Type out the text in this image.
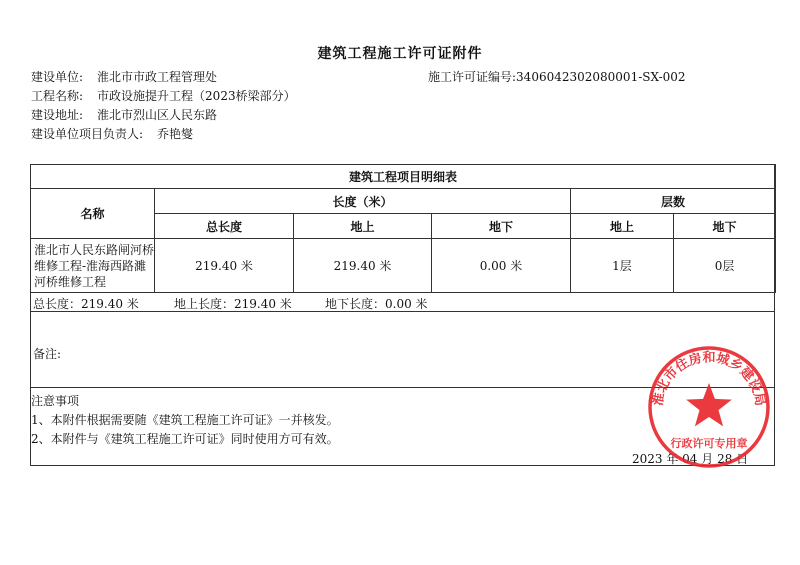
建筑工程施工许可证附件
建设单位: 淮北市市政工程管理处	施工许可证编号:3406042302080001-SX-002
工程名称: 市政设施提升工程（2023桥梁部分）
建设地址: 淮北市烈山区人民东路
建设单位项目负责人: 乔艳燮
建筑工程项目明细表					
名称	长度（米）			层数	
	总长度	地上	地下	地上	地下
淮北市人民东路闸河桥维修工程-淮海西路濉河桥维修工程	219.40 米	219.40 米	0.00 米	1层	0层
总长度：219.40 米	地上长度：219.40 米	地下长度：0.00 米
备注:
注意事项
1、本附件根据需要随《建筑工程施工许可证》一并核发。
2、本附件与《建筑工程施工许可证》同时使用方可有效。
2023 年 04 月 28 日
淮北市住房和城乡建设局
行政许可专用章
